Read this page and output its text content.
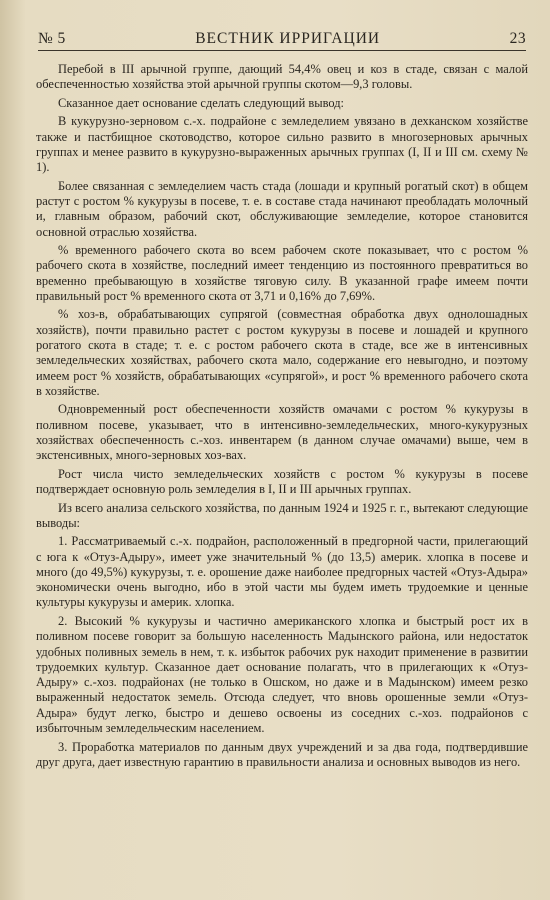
№ 5	ВЕСТНИК ИРРИГАЦИИ	23

Перебой в III арычной группе, дающий 54,4% овец и коз в стаде, связан с малой обеспеченностью хозяйства этой арычной группы скотом—9,3 головы.

Сказанное дает основание сделать следующий вывод:

В кукурузно-зерновом с.-х. подрайоне с земледелием увязано в дехканском хозяйстве также и пастбищное скотоводство, которое сильно развито в многозерновых арычных группах и менее развито в кукурузно-выраженных арычных группах (I, II и III см. схему № 1).

Более связанная с земледелием часть стада (лошади и крупный рогатый скот) в общем растут с ростом % кукурузы в посеве, т. е. в составе стада начинают преобладать молочный и, главным образом, рабочий скот, обслуживающие земледелие, которое становится основной отраслью хозяйства.

% временного рабочего скота во всем рабочем скоте показывает, что с ростом % рабочего скота в хозяйстве, последний имеет тенденцию из постоянного превратиться во временно пребывающую в хозяйстве тяговую силу. В указанной графе имеем почти правильный рост % временного скота от 3,71 и 0,16% до 7,69%.

% хоз-в, обрабатывающих супрягой (совместная обработка двух однолошадных хозяйств), почти правильно растет с ростом кукурузы в посеве и лошадей и крупного рогатого скота в стаде; т. е. с ростом рабочего скота в стаде, все же в интенсивных земледельческих хозяйствах, рабочего скота мало, содержание его невыгодно, и поэтому имеем рост % хозяйств, обрабатывающих «супрягой», и рост % временного рабочего скота в хозяйстве.

Одновременный рост обеспеченности хозяйств омачами с ростом % кукурузы в поливном посеве, указывает, что в интенсивно-земледельческих, много-кукурузных хозяйствах обеспеченность с.-хоз. инвентарем (в данном случае омачами) выше, чем в экстенсивных, много-зерновых хоз-вах.

Рост числа чисто земледельческих хозяйств с ростом % кукурузы в посеве подтверждает основную роль земледелия в I, II и III арычных группах.

Из всего анализа сельского хозяйства, по данным 1924 и 1925 г. г., вытекают следующие выводы:

1. Рассматриваемый с.-х. подрайон, расположенный в предгорной части, прилегающий с юга к «Отуз-Адыру», имеет уже значительный % (до 13,5) америк. хлопка в посеве и много (до 49,5%) кукурузы, т. е. орошение даже наиболее предгорных частей «Отуз-Адыра» экономически очень выгодно, ибо в этой части мы будем иметь трудоемкие и ценные культуры кукурузы и америк. хлопка.

2. Высокий % кукурузы и частично американского хлопка и быстрый рост их в поливном посеве говорит за большую населенность Мадынского района, или недостаток удобных поливных земель в нем, т. к. избыток рабочих рук находит применение в развитии трудоемких культур. Сказанное дает основание полагать, что в прилегающих к «Отуз-Адыру» с.-хоз. подрайонах (не только в Ошском, но даже и в Мадынском) имеем резко выраженный недостаток земель. Отсюда следует, что вновь орошенные земли «Отуз-Адыра» будут легко, быстро и дешево освоены из соседних с.-хоз. подрайонов с избыточным земледельческим населением.

3. Проработка материалов по данным двух учреждений и за два года, подтвердившие друг друга, дает известную гарантию в правильности анализа и основных выводов из него.
